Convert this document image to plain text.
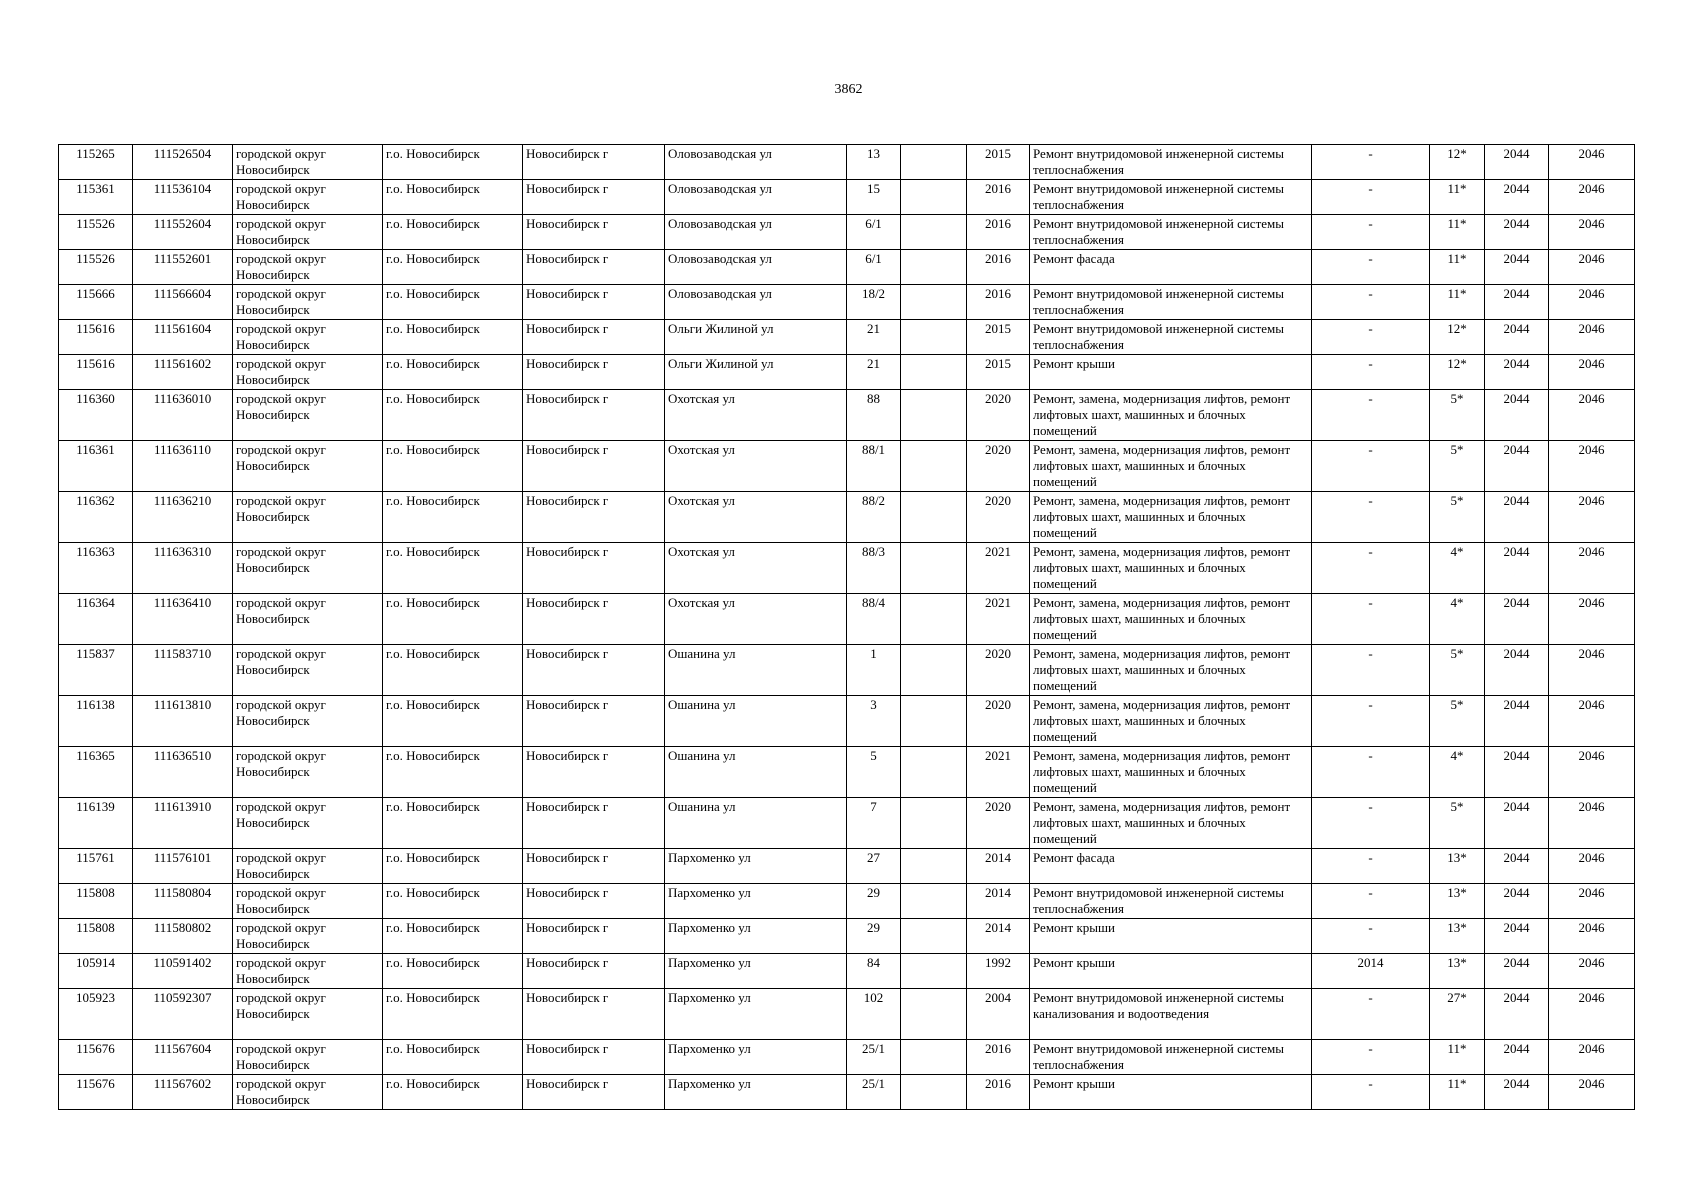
3862
115265	111526504	городской округ Новосибирск	г.о. Новосибирск	Новосибирск г	Оловозаводская ул	13		2015	Ремонт внутридомовой инженерной системы теплоснабжения	-	12*	2044	2046
115361	111536104	городской округ Новосибирск	г.о. Новосибирск	Новосибирск г	Оловозаводская ул	15		2016	Ремонт внутридомовой инженерной системы теплоснабжения	-	11*	2044	2046
115526	111552604	городской округ Новосибирск	г.о. Новосибирск	Новосибирск г	Оловозаводская ул	6/1		2016	Ремонт внутридомовой инженерной системы теплоснабжения	-	11*	2044	2046
115526	111552601	городской округ Новосибирск	г.о. Новосибирск	Новосибирск г	Оловозаводская ул	6/1		2016	Ремонт фасада	-	11*	2044	2046
115666	111566604	городской округ Новосибирск	г.о. Новосибирск	Новосибирск г	Оловозаводская ул	18/2		2016	Ремонт внутридомовой инженерной системы теплоснабжения	-	11*	2044	2046
115616	111561604	городской округ Новосибирск	г.о. Новосибирск	Новосибирск г	Ольги Жилиной ул	21		2015	Ремонт внутридомовой инженерной системы теплоснабжения	-	12*	2044	2046
115616	111561602	городской округ Новосибирск	г.о. Новосибирск	Новосибирск г	Ольги Жилиной ул	21		2015	Ремонт крыши	-	12*	2044	2046
116360	111636010	городской округ Новосибирск	г.о. Новосибирск	Новосибирск г	Охотская ул	88		2020	Ремонт, замена, модернизация лифтов, ремонт лифтовых шахт, машинных и блочных помещений	-	5*	2044	2046
116361	111636110	городской округ Новосибирск	г.о. Новосибирск	Новосибирск г	Охотская ул	88/1		2020	Ремонт, замена, модернизация лифтов, ремонт лифтовых шахт, машинных и блочных помещений	-	5*	2044	2046
116362	111636210	городской округ Новосибирск	г.о. Новосибирск	Новосибирск г	Охотская ул	88/2		2020	Ремонт, замена, модернизация лифтов, ремонт лифтовых шахт, машинных и блочных помещений	-	5*	2044	2046
116363	111636310	городской округ Новосибирск	г.о. Новосибирск	Новосибирск г	Охотская ул	88/3		2021	Ремонт, замена, модернизация лифтов, ремонт лифтовых шахт, машинных и блочных помещений	-	4*	2044	2046
116364	111636410	городской округ Новосибирск	г.о. Новосибирск	Новосибирск г	Охотская ул	88/4		2021	Ремонт, замена, модернизация лифтов, ремонт лифтовых шахт, машинных и блочных помещений	-	4*	2044	2046
115837	111583710	городской округ Новосибирск	г.о. Новосибирск	Новосибирск г	Ошанина ул	1		2020	Ремонт, замена, модернизация лифтов, ремонт лифтовых шахт, машинных и блочных помещений	-	5*	2044	2046
116138	111613810	городской округ Новосибирск	г.о. Новосибирск	Новосибирск г	Ошанина ул	3		2020	Ремонт, замена, модернизация лифтов, ремонт лифтовых шахт, машинных и блочных помещений	-	5*	2044	2046
116365	111636510	городской округ Новосибирск	г.о. Новосибирск	Новосибирск г	Ошанина ул	5		2021	Ремонт, замена, модернизация лифтов, ремонт лифтовых шахт, машинных и блочных помещений	-	4*	2044	2046
116139	111613910	городской округ Новосибирск	г.о. Новосибирск	Новосибирск г	Ошанина ул	7		2020	Ремонт, замена, модернизация лифтов, ремонт лифтовых шахт, машинных и блочных помещений	-	5*	2044	2046
115761	111576101	городской округ Новосибирск	г.о. Новосибирск	Новосибирск г	Пархоменко ул	27		2014	Ремонт фасада	-	13*	2044	2046
115808	111580804	городской округ Новосибирск	г.о. Новосибирск	Новосибирск г	Пархоменко ул	29		2014	Ремонт внутридомовой инженерной системы теплоснабжения	-	13*	2044	2046
115808	111580802	городской округ Новосибирск	г.о. Новосибирск	Новосибирск г	Пархоменко ул	29		2014	Ремонт крыши	-	13*	2044	2046
105914	110591402	городской округ Новосибирск	г.о. Новосибирск	Новосибирск г	Пархоменко ул	84		1992	Ремонт крыши	2014	13*	2044	2046
105923	110592307	городской округ Новосибирск	г.о. Новосибирск	Новосибирск г	Пархоменко ул	102		2004	Ремонт внутридомовой инженерной системы канализования и водоотведения	-	27*	2044	2046
115676	111567604	городской округ Новосибирск	г.о. Новосибирск	Новосибирск г	Пархоменко ул	25/1		2016	Ремонт внутридомовой инженерной системы теплоснабжения	-	11*	2044	2046
115676	111567602	городской округ Новосибирск	г.о. Новосибирск	Новосибирск г	Пархоменко ул	25/1		2016	Ремонт крыши	-	11*	2044	2046
